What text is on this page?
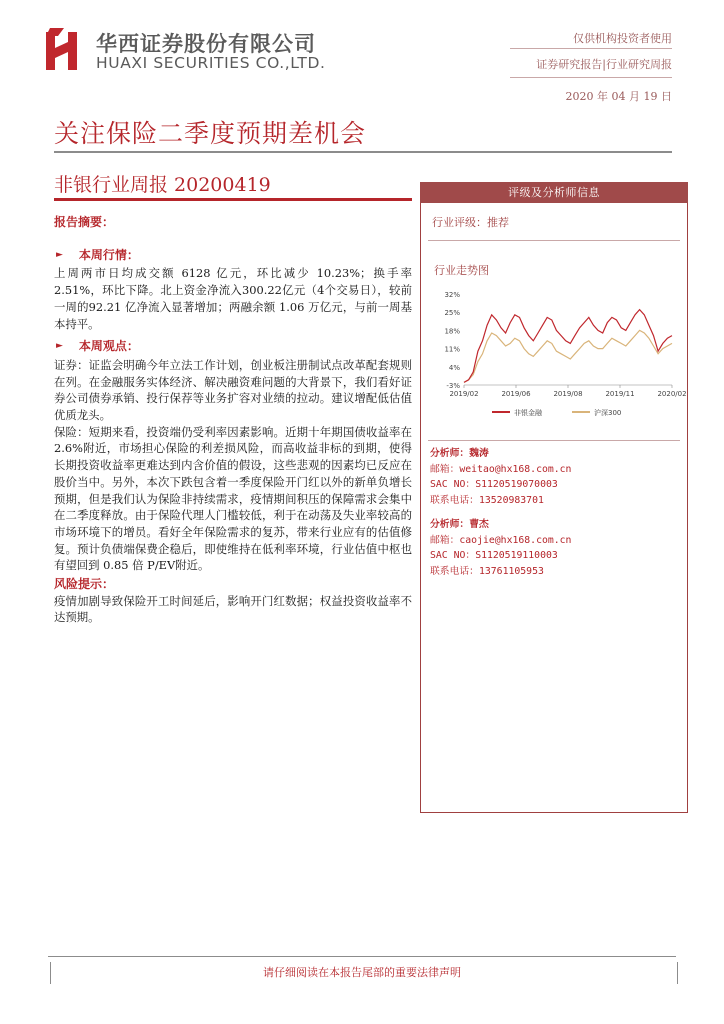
华西证券股份有限公司
HUAXI SECURITIES CO.,LTD.
仅供机构投资者使用
证券研究报告|行业研究周报
2020 年 04 月 19 日
关注保险二季度预期差机会
非银行业周报 20200419

报告摘要：

► 本周行情：

上周两市日均成交额 6128 亿元，环比减少 10.23%；换手率 2.51%，环比下降。北上资金净流入300.22亿元（4个交易日），较前一周的92.21 亿净流入显著增加；两融余额 1.06 万亿元，与前一周基本持平。

► 本周观点：

证券：证监会明确今年立法工作计划，创业板注册制试点改革配套规则在列。在金融服务实体经济、解决融资难问题的大背景下，我们看好证券公司债券承销、投行保荐等业务扩容对业绩的拉动。建议增配低估值优质龙头。

保险：短期来看，投资端仍受利率因素影响。近期十年期国债收益率在 2.6%附近，市场担心保险的利差损风险，而高收益非标的到期，使得长期投资收益率更难达到内含价值的假设，这些悲观的因素均已反应在股价当中。另外，本次下跌包含着一季度保险开门红以外的新单负增长预期，但是我们认为保险非持续需求，疫情期间积压的保障需求会集中在二季度释放。由于保险代理人门槛较低，利于在动荡及失业率较高的市场环境下的增员。看好全年保险需求的复苏，带来行业应有的估值修复。预计负债端保费企稳后，即使维持在低利率环境，行业估值中枢也有望回到 0.85 倍 P/EV附近。

风险提示：

疫情加剧导致保险开工时间延后，影响开门红数据；权益投资收益率不达预期。

评级及分析师信息
行业评级：推荐
行业走势图
32%
25%
18%
11%
4%
-3%
2019/02	2019/06	2019/08	2019/11	2020/02
非银金融	沪深300
分析师：魏涛
邮箱：weitao@hx168.com.cn
SAC NO：S1120519070003
联系电话：13520983701
分析师：曹杰
邮箱：caojie@hx168.com.cn
SAC NO：S1120519110003
联系电话：13761105953
请仔细阅读在本报告尾部的重要法律声明
